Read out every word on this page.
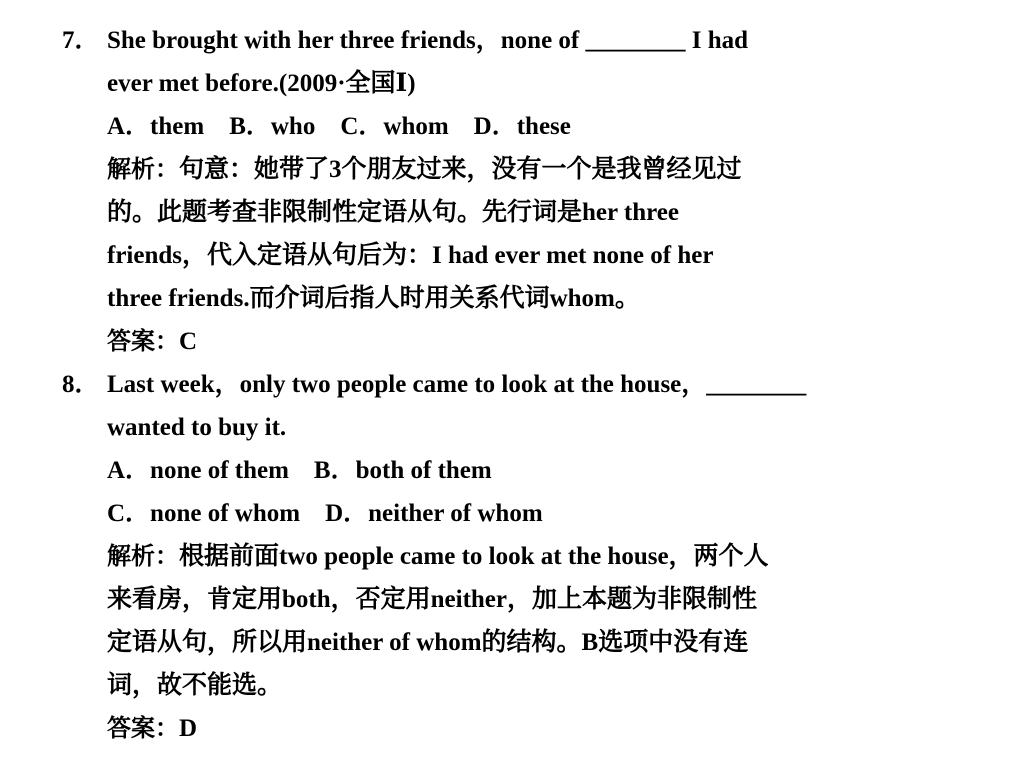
7． She brought with her three friends，none of ________ I had
ever met before.(2009·全国Ⅰ)
A．them　B．who　C．whom　D．these
解析：句意：她带了3个朋友过来，没有一个是我曾经见过
的。此题考查非限制性定语从句。先行词是her three
friends，代入定语从句后为：I had ever met none of her
three friends.而介词后指人时用关系代词whom。
答案：C
8． Last week，only two people came to look at the house，________
wanted to buy it.
A．none of them　B．both of them
C．none of whom　D．neither of whom
解析：根据前面two people came to look at the house，两个人
来看房，肯定用both，否定用neither，加上本题为非限制性
定语从句，所以用neither of whom的结构。B选项中没有连
词，故不能选。
答案：D
